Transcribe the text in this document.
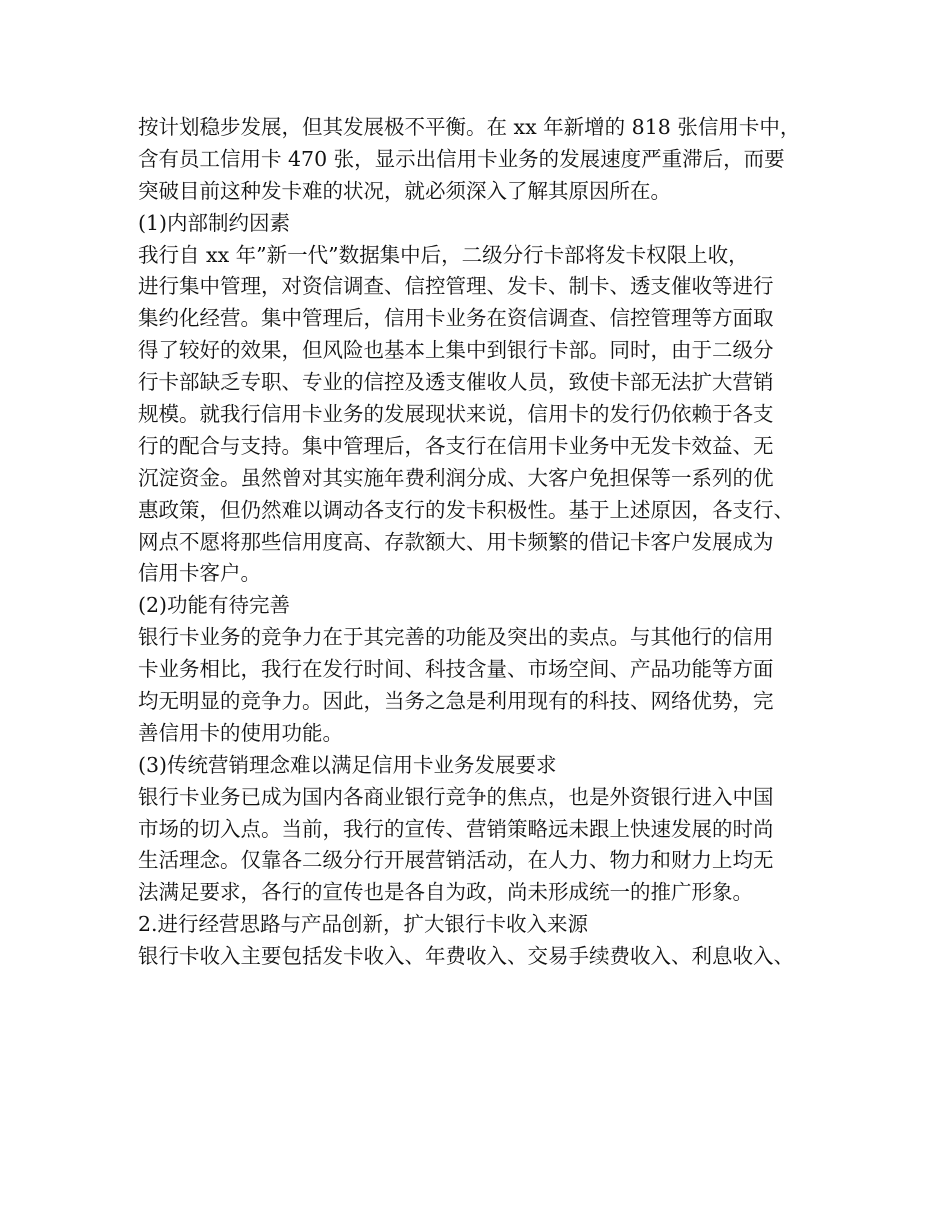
按计划稳步发展，但其发展极不平衡。在 xx 年新增的 818 张信用卡中，
含有员工信用卡 470 张，显示出信用卡业务的发展速度严重滞后，而要
突破目前这种发卡难的状况，就必须深入了解其原因所在。
(1)内部制约因素
我行自 xx 年”新一代”数据集中后，二级分行卡部将发卡权限上收，
进行集中管理，对资信调查、信控管理、发卡、制卡、透支催收等进行
集约化经营。集中管理后，信用卡业务在资信调查、信控管理等方面取
得了较好的效果，但风险也基本上集中到银行卡部。同时，由于二级分
行卡部缺乏专职、专业的信控及透支催收人员，致使卡部无法扩大营销
规模。就我行信用卡业务的发展现状来说，信用卡的发行仍依赖于各支
行的配合与支持。集中管理后，各支行在信用卡业务中无发卡效益、无
沉淀资金。虽然曾对其实施年费利润分成、大客户免担保等一系列的优
惠政策，但仍然难以调动各支行的发卡积极性。基于上述原因，各支行、
网点不愿将那些信用度高、存款额大、用卡频繁的借记卡客户发展成为
信用卡客户。
(2)功能有待完善
银行卡业务的竞争力在于其完善的功能及突出的卖点。与其他行的信用
卡业务相比，我行在发行时间、科技含量、市场空间、产品功能等方面
均无明显的竞争力。因此，当务之急是利用现有的科技、网络优势，完
善信用卡的使用功能。
(3)传统营销理念难以满足信用卡业务发展要求
银行卡业务已成为国内各商业银行竞争的焦点，也是外资银行进入中国
市场的切入点。当前，我行的宣传、营销策略远未跟上快速发展的时尚
生活理念。仅靠各二级分行开展营销活动，在人力、物力和财力上均无
法满足要求，各行的宣传也是各自为政，尚未形成统一的推广形象。
2.进行经营思路与产品创新，扩大银行卡收入来源
银行卡收入主要包括发卡收入、年费收入、交易手续费收入、利息收入、
